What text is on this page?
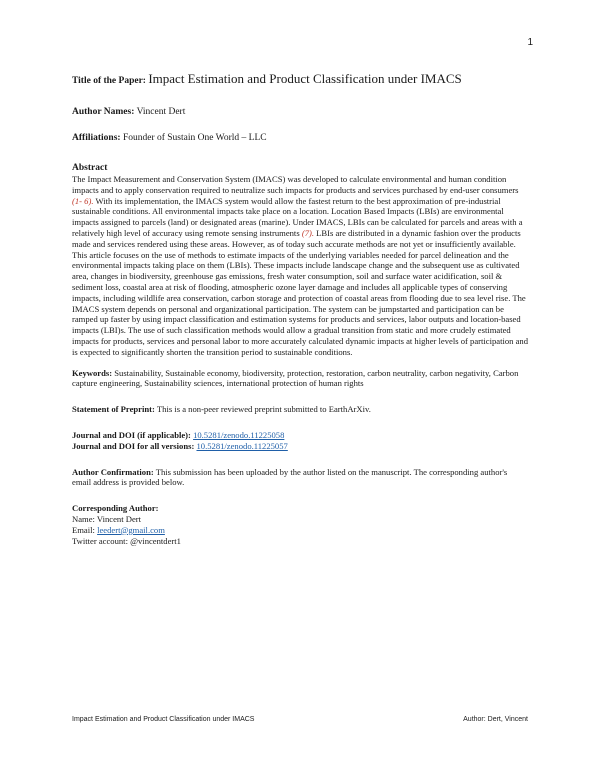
1

Title of the Paper: Impact Estimation and Product Classification under IMACS

Author Names: Vincent Dert

Affiliations: Founder of Sustain One World – LLC

Abstract

The Impact Measurement and Conservation System (IMACS) was developed to calculate environmental and human condition impacts and to apply conservation required to neutralize such impacts for products and services purchased by end-user consumers (1- 6). With its implementation, the IMACS system would allow the fastest return to the best approximation of pre-industrial sustainable conditions. All environmental impacts take place on a location. Location Based Impacts (LBIs) are environmental impacts assigned to parcels (land) or designated areas (marine). Under IMACS, LBIs can be calculated for parcels and areas with a relatively high level of accuracy using remote sensing instruments (7). LBIs are distributed in a dynamic fashion over the products made and services rendered using these areas. However, as of today such accurate methods are not yet or insufficiently available. This article focuses on the use of methods to estimate impacts of the underlying variables needed for parcel delineation and the environmental impacts taking place on them (LBIs). These impacts include landscape change and the subsequent use as cultivated area, changes in biodiversity, greenhouse gas emissions, fresh water consumption, soil and surface water acidification, soil & sediment loss, coastal area at risk of flooding, atmospheric ozone layer damage and includes all applicable types of conserving impacts, including wildlife area conservation, carbon storage and protection of coastal areas from flooding due to sea level rise. The IMACS system depends on personal and organizational participation. The system can be jumpstarted and participation can be ramped up faster by using impact classification and estimation systems for products and services, labor outputs and location-based impacts (LBI)s. The use of such classification methods would allow a gradual transition from static and more crudely estimated impacts for products, services and personal labor to more accurately calculated dynamic impacts at higher levels of participation and is expected to significantly shorten the transition period to sustainable conditions.

Keywords: Sustainability, Sustainable economy, biodiversity, protection, restoration, carbon neutrality, carbon negativity, Carbon capture engineering, Sustainability sciences, international protection of human rights

Statement of Preprint: This is a non-peer reviewed preprint submitted to EarthArXiv.

Journal and DOI (if applicable): 10.5281/zenodo.11225058

Journal and DOI for all versions: 10.5281/zenodo.11225057

Author Confirmation: This submission has been uploaded by the author listed on the manuscript. The corresponding author's email address is provided below.

Corresponding Author:

Name: Vincent Dert

Email: leedert@gmail.com

Twitter account: @vincentdert1

Impact Estimation and Product Classification under IMACS	Author: Dert, Vincent
